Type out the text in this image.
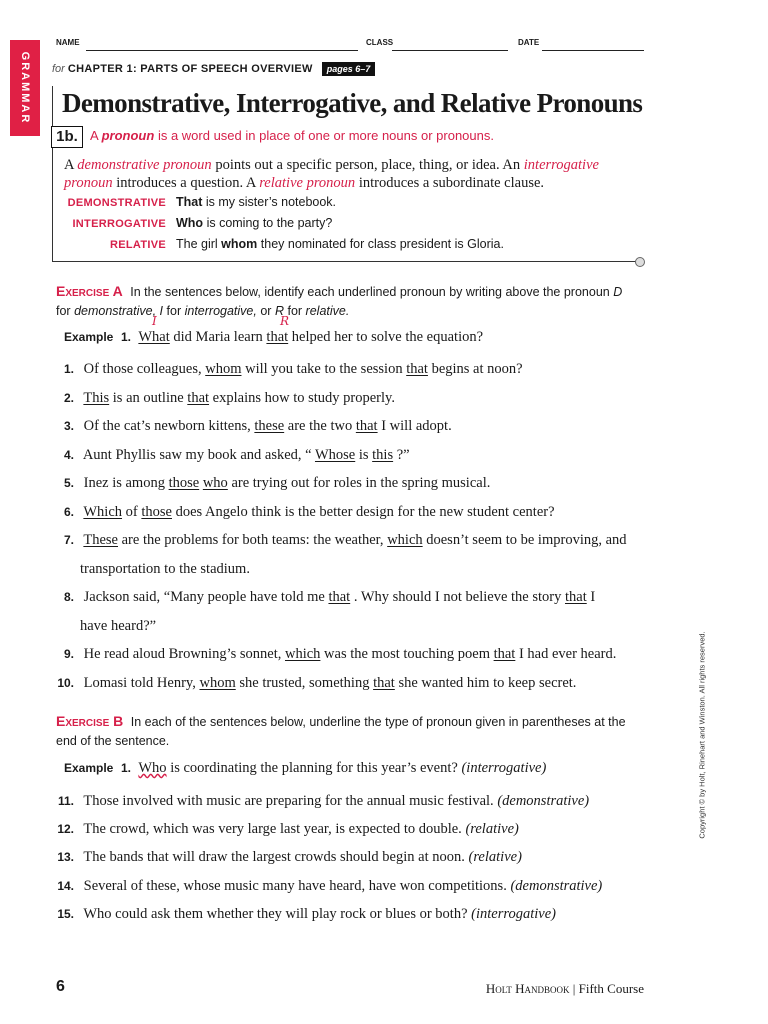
GRAMMAR
NAME	CLASS	DATE
for CHAPTER 1: PARTS OF SPEECH OVERVIEW pages 6–7
Demonstrative, Interrogative, and Relative Pronouns
1b. A pronoun is a word used in place of one or more nouns or pronouns.
A demonstrative pronoun points out a specific person, place, thing, or idea. An interrogative pronoun introduces a question. A relative pronoun introduces a subordinate clause.
DEMONSTRATIVE That is my sister’s notebook.
INTERROGATIVE Who is coming to the party?
RELATIVE The girl whom they nominated for class president is Gloria.
Exercise A In the sentences below, identify each underlined pronoun by writing above the pronoun D
for demonstrative, I for interrogative, or R for relative.
I	R
Example 1. What did Maria learn that helped her to solve the equation?
1. Of those colleagues, whom will you take to the session that begins at noon?
2. This is an outline that explains how to study properly.
3. Of the cat’s newborn kittens, these are the two that I will adopt.
4. Aunt Phyllis saw my book and asked, “ Whose is this ?”
5. Inez is among those who are trying out for roles in the spring musical.
6. Which of those does Angelo think is the better design for the new student center?
7. These are the problems for both teams: the weather, which doesn’t seem to be improving, and
8. Jackson said, “Many people have told me that . Why should I not believe the story that I
9. He read aloud Browning’s sonnet, which was the most touching poem that I had ever heard.
10. Lomasi told Henry, whom she trusted, something that she wanted him to keep secret.
transportation to the stadium.
have heard?”
Exercise B In each of the sentences below, underline the type of pronoun given in parentheses at the end of the sentence.
Example 1. Who is coordinating the planning for this year’s event? (interrogative)
11. Those involved with music are preparing for the annual music festival. (demonstrative)
12. The crowd, which was very large last year, is expected to double. (relative)
13. The bands that will draw the largest crowds should begin at noon. (relative)
14. Several of these, whose music many have heard, have won competitions. (demonstrative)
15. Who could ask them whether they will play rock or blues or both? (interrogative)
Copyright © by Holt, Rinehart and Winston. All rights reserved.
6	Holt Handbook | Fifth Course
